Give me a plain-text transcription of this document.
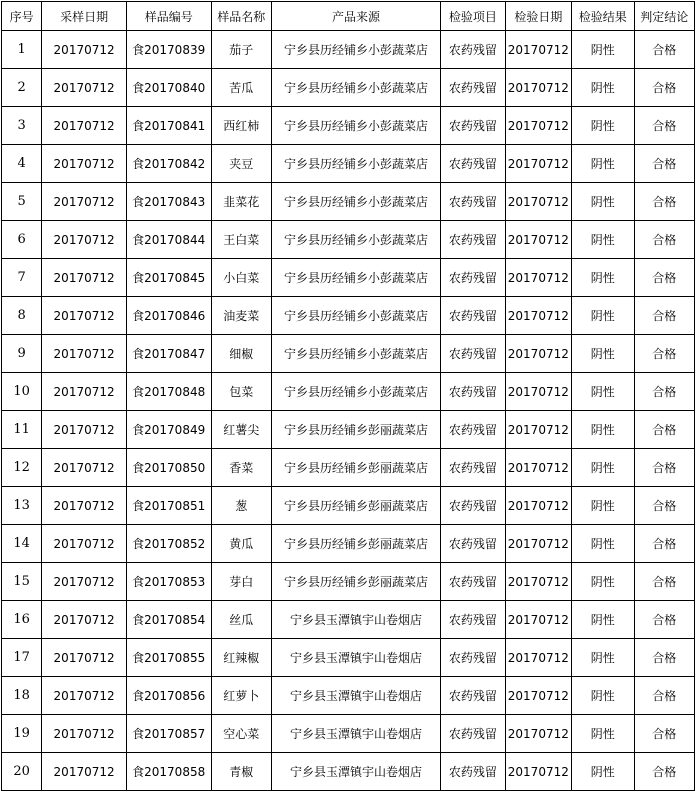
序号	采样日期	样品编号	样品名称	产品来源	检验项目	检验日期	检验结果	判定结论
1	20170712	食20170839	茄子	宁乡县历经铺乡小彭蔬菜店	农药残留	20170712	阴性	合格
2	20170712	食20170840	苦瓜	宁乡县历经铺乡小彭蔬菜店	农药残留	20170712	阴性	合格
3	20170712	食20170841	西红柿	宁乡县历经铺乡小彭蔬菜店	农药残留	20170712	阴性	合格
4	20170712	食20170842	夹豆	宁乡县历经铺乡小彭蔬菜店	农药残留	20170712	阴性	合格
5	20170712	食20170843	韭菜花	宁乡县历经铺乡小彭蔬菜店	农药残留	20170712	阴性	合格
6	20170712	食20170844	王白菜	宁乡县历经铺乡小彭蔬菜店	农药残留	20170712	阴性	合格
7	20170712	食20170845	小白菜	宁乡县历经铺乡小彭蔬菜店	农药残留	20170712	阴性	合格
8	20170712	食20170846	油麦菜	宁乡县历经铺乡小彭蔬菜店	农药残留	20170712	阴性	合格
9	20170712	食20170847	细椒	宁乡县历经铺乡小彭蔬菜店	农药残留	20170712	阴性	合格
10	20170712	食20170848	包菜	宁乡县历经铺乡小彭蔬菜店	农药残留	20170712	阴性	合格
11	20170712	食20170849	红薯尖	宁乡县历经铺乡彭丽蔬菜店	农药残留	20170712	阴性	合格
12	20170712	食20170850	香菜	宁乡县历经铺乡彭丽蔬菜店	农药残留	20170712	阴性	合格
13	20170712	食20170851	葱	宁乡县历经铺乡彭丽蔬菜店	农药残留	20170712	阴性	合格
14	20170712	食20170852	黄瓜	宁乡县历经铺乡彭丽蔬菜店	农药残留	20170712	阴性	合格
15	20170712	食20170853	芽白	宁乡县历经铺乡彭丽蔬菜店	农药残留	20170712	阴性	合格
16	20170712	食20170854	丝瓜	宁乡县玉潭镇宇山卷烟店	农药残留	20170712	阴性	合格
17	20170712	食20170855	红辣椒	宁乡县玉潭镇宇山卷烟店	农药残留	20170712	阴性	合格
18	20170712	食20170856	红萝卜	宁乡县玉潭镇宇山卷烟店	农药残留	20170712	阴性	合格
19	20170712	食20170857	空心菜	宁乡县玉潭镇宇山卷烟店	农药残留	20170712	阴性	合格
20	20170712	食20170858	青椒	宁乡县玉潭镇宇山卷烟店	农药残留	20170712	阴性	合格
